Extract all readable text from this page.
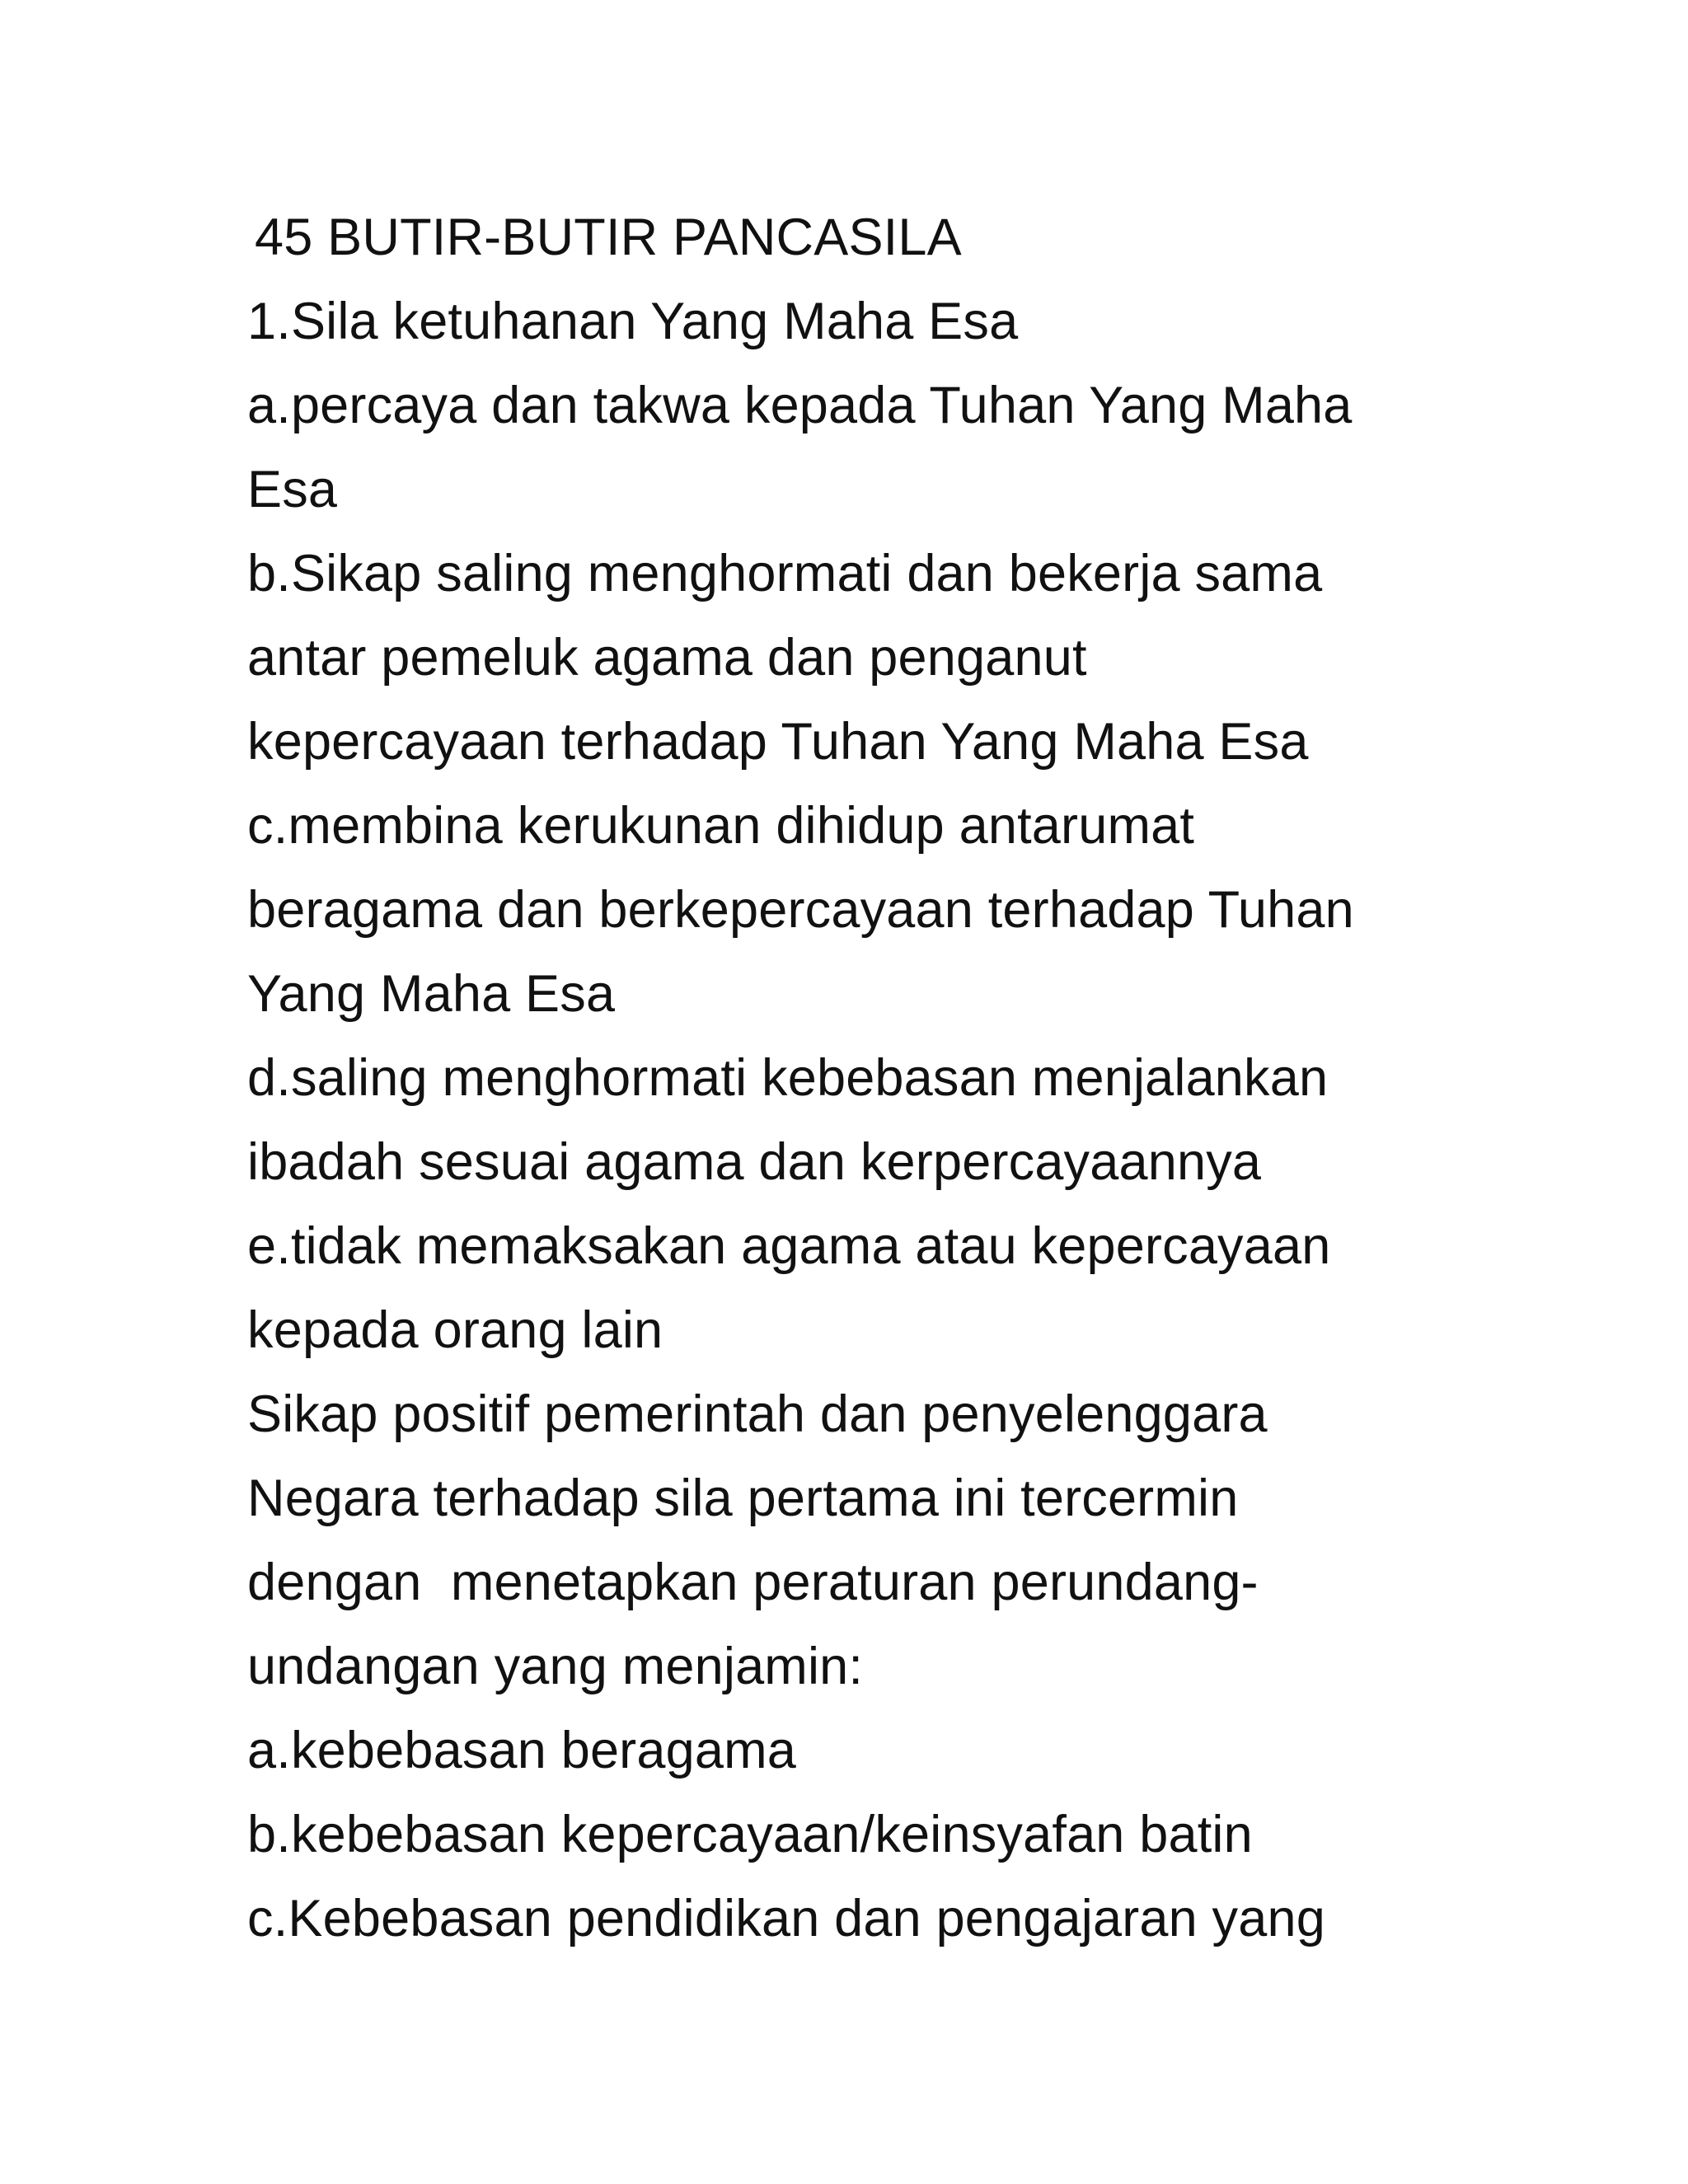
45 BUTIR-BUTIR PANCASILA
1.Sila ketuhanan Yang Maha Esa
a.percaya dan takwa kepada Tuhan Yang Maha
Esa
b.Sikap saling menghormati dan bekerja sama
antar pemeluk agama dan penganut
kepercayaan terhadap Tuhan Yang Maha Esa
c.membina kerukunan dihidup antarumat
beragama dan berkepercayaan terhadap Tuhan
Yang Maha Esa
d.saling menghormati kebebasan menjalankan
ibadah sesuai agama dan kerpercayaannya
e.tidak memaksakan agama atau kepercayaan
kepada orang lain
Sikap positif pemerintah dan penyelenggara
Negara terhadap sila pertama ini tercermin
dengan  menetapkan peraturan perundang-
undangan yang menjamin:
a.kebebasan beragama
b.kebebasan kepercayaan/keinsyafan batin
c.Kebebasan pendidikan dan pengajaran yang
